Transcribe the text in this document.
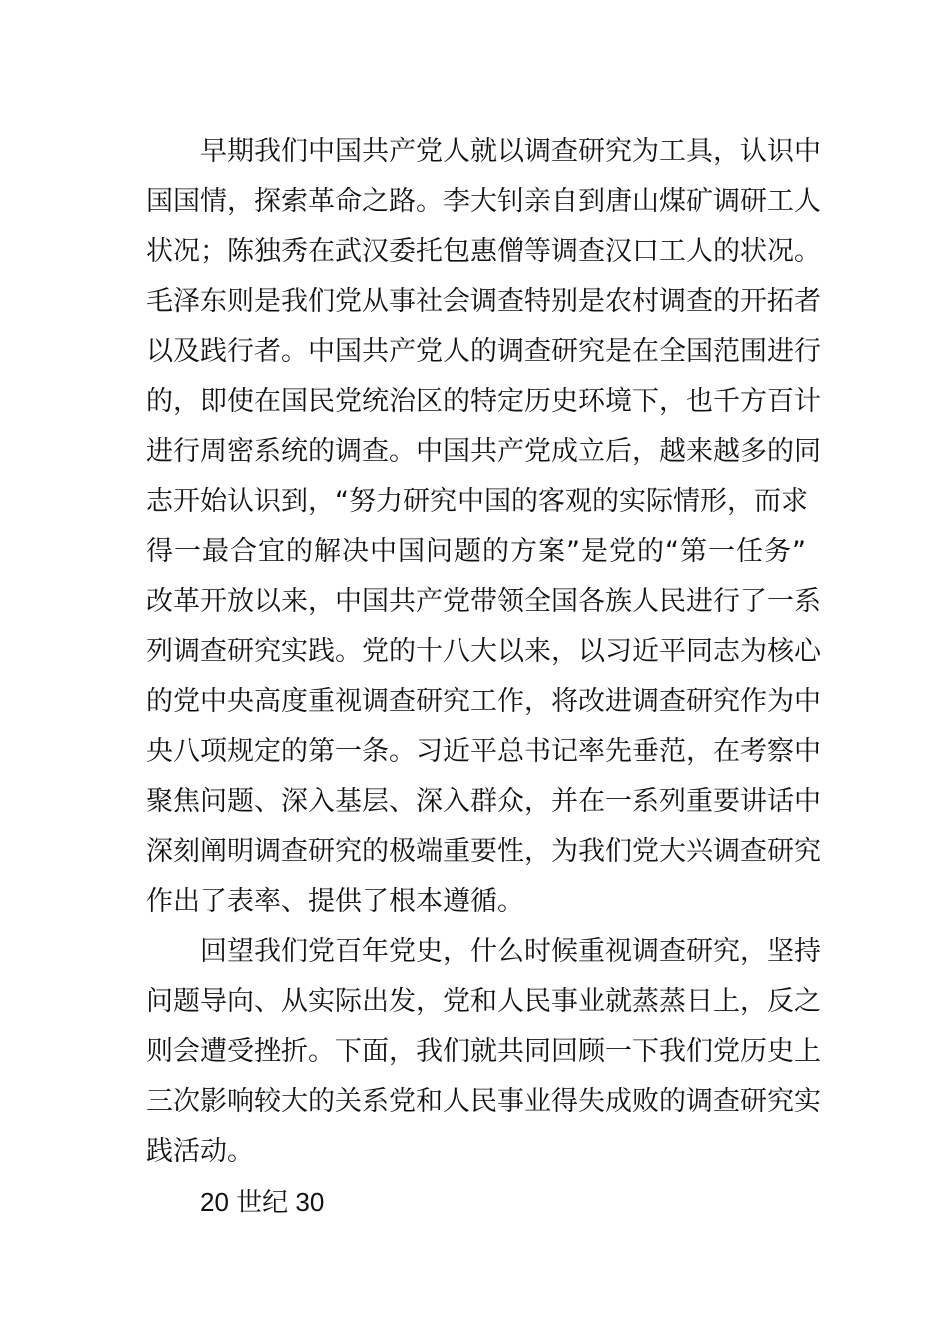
早期我们中国共产党人就以调查研究为工具，认识中
国国情，探索革命之路。李大钊亲自到唐山煤矿调研工人
状况；陈独秀在武汉委托包惠僧等调查汉口工人的状况。
毛泽东则是我们党从事社会调查特别是农村调查的开拓者
以及践行者。中国共产党人的调查研究是在全国范围进行
的，即使在国民党统治区的特定历史环境下，也千方百计
进行周密系统的调查。中国共产党成立后，越来越多的同
志开始认识到，“努力研究中国的客观的实际情形，而求
得一最合宜的解决中国问题的方案”是党的“第一任务”
改革开放以来，中国共产党带领全国各族人民进行了一系
列调查研究实践。党的十八大以来，以习近平同志为核心
的党中央高度重视调查研究工作，将改进调查研究作为中
央八项规定的第一条。习近平总书记率先垂范，在考察中
聚焦问题、深入基层、深入群众，并在一系列重要讲话中
深刻阐明调查研究的极端重要性，为我们党大兴调查研究
作出了表率、提供了根本遵循。
回望我们党百年党史，什么时候重视调查研究，坚持
问题导向、从实际出发，党和人民事业就蒸蒸日上，反之
则会遭受挫折。下面，我们就共同回顾一下我们党历史上
三次影响较大的关系党和人民事业得失成败的调查研究实
践活动。
20 世纪 30
